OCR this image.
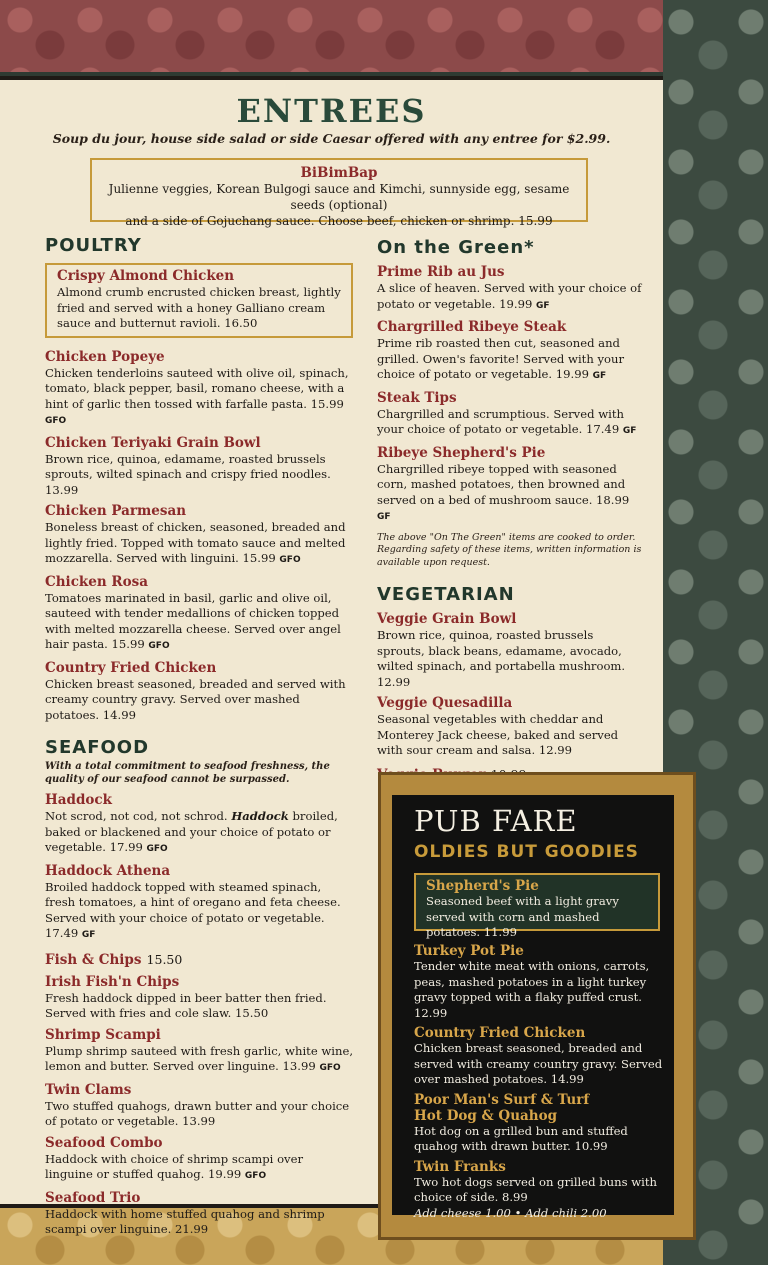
ENTREES
Soup du jour, house side salad or side Caesar offered with any entree for $2.99.
BiBimBap
Julienne veggies, Korean Bulgogi sauce and Kimchi, sunnyside egg, sesame seeds (optional)
and a side of Gojuchang sauce. Choose beef, chicken or shrimp. 15.99
POULTRY
Crispy Almond Chicken
Almond crumb encrusted chicken breast, lightly fried and served with a honey Galliano cream sauce and butternut ravioli. 16.50
Chicken Popeye
Chicken tenderloins sauteed with olive oil, spinach, tomato, black pepper, basil, romano cheese, with a hint of garlic then tossed with farfalle pasta. 15.99 GFO
Chicken Teriyaki Grain Bowl
Brown rice, quinoa, edamame, roasted brussels sprouts, wilted spinach and crispy fried noodles. 13.99
Chicken Parmesan
Boneless breast of chicken, seasoned, breaded and lightly fried. Topped with tomato sauce and melted mozzarella. Served with linguini. 15.99 GFO
Chicken Rosa
Tomatoes marinated in basil, garlic and olive oil, sauteed with tender medallions of chicken topped with melted mozzarella cheese. Served over angel hair pasta. 15.99 GFO
Country Fried Chicken
Chicken breast seasoned, breaded and served with creamy country gravy. Served over mashed potatoes. 14.99
SEAFOOD
With a total commitment to seafood freshness, the quality of our seafood cannot be surpassed.
Haddock
Not scrod, not cod, not schrod. Haddock broiled, baked or blackened and your choice of potato or vegetable. 17.99 GFO
Haddock Athena
Broiled haddock topped with steamed spinach, fresh tomatoes, a hint of oregano and feta cheese. Served with your choice of potato or vegetable. 17.49 GF
Fish & Chips 15.50
Irish Fish'n Chips
Fresh haddock dipped in beer batter then fried. Served with fries and cole slaw. 15.50
Shrimp Scampi
Plump shrimp sauteed with fresh garlic, white wine, lemon and butter. Served over linguine. 13.99 GFO
Twin Clams
Two stuffed quahogs, drawn butter and your choice of potato or vegetable. 13.99
Seafood Combo
Haddock with choice of shrimp scampi over linguine or stuffed quahog. 19.99 GFO
Seafood Trio
Haddock with home stuffed quahog and shrimp scampi over linguine. 21.99
On the Green*
Prime Rib au Jus
A slice of heaven. Served with your choice of potato or vegetable. 19.99 GF
Chargrilled Ribeye Steak
Prime rib roasted then cut, seasoned and grilled. Owen's favorite! Served with your choice of potato or vegetable. 19.99 GF
Steak Tips
Chargrilled and scrumptious. Served with your choice of potato or vegetable. 17.49 GF
Ribeye Shepherd's Pie
Chargrilled ribeye topped with seasoned corn, mashed potatoes, then browned and served on a bed of mushroom sauce. 18.99 GF
The above "On The Green" items are cooked to order. Regarding safety of these items, written information is available upon request.
VEGETARIAN
Veggie Grain Bowl
Brown rice, quinoa, roasted brussels sprouts, black beans, edamame, avocado, wilted spinach, and portabella mushroom. 12.99
Veggie Quesadilla
Seasonal vegetables with cheddar and Monterey Jack cheese, baked and served with sour cream and salsa. 12.99
PUB FARE
OLDIES BUT GOODIES
Shepherd's Pie
Seasoned beef with a light gravy served with corn and mashed potatoes. 11.99
Turkey Pot Pie
Tender white meat with onions, carrots, peas, mashed potatoes in a light turkey gravy topped with a flaky puffed crust. 12.99
Country Fried Chicken
Chicken breast seasoned, breaded and served with creamy country gravy. Served over mashed potatoes. 14.99
Poor Man's Surf & Turf
Hot Dog & Quahog
Hot dog on a grilled bun and stuffed quahog with drawn butter. 10.99
Twin Franks
Two hot dogs served on grilled buns with choice of side. 8.99
Add cheese 1.00 • Add chili 2.00
